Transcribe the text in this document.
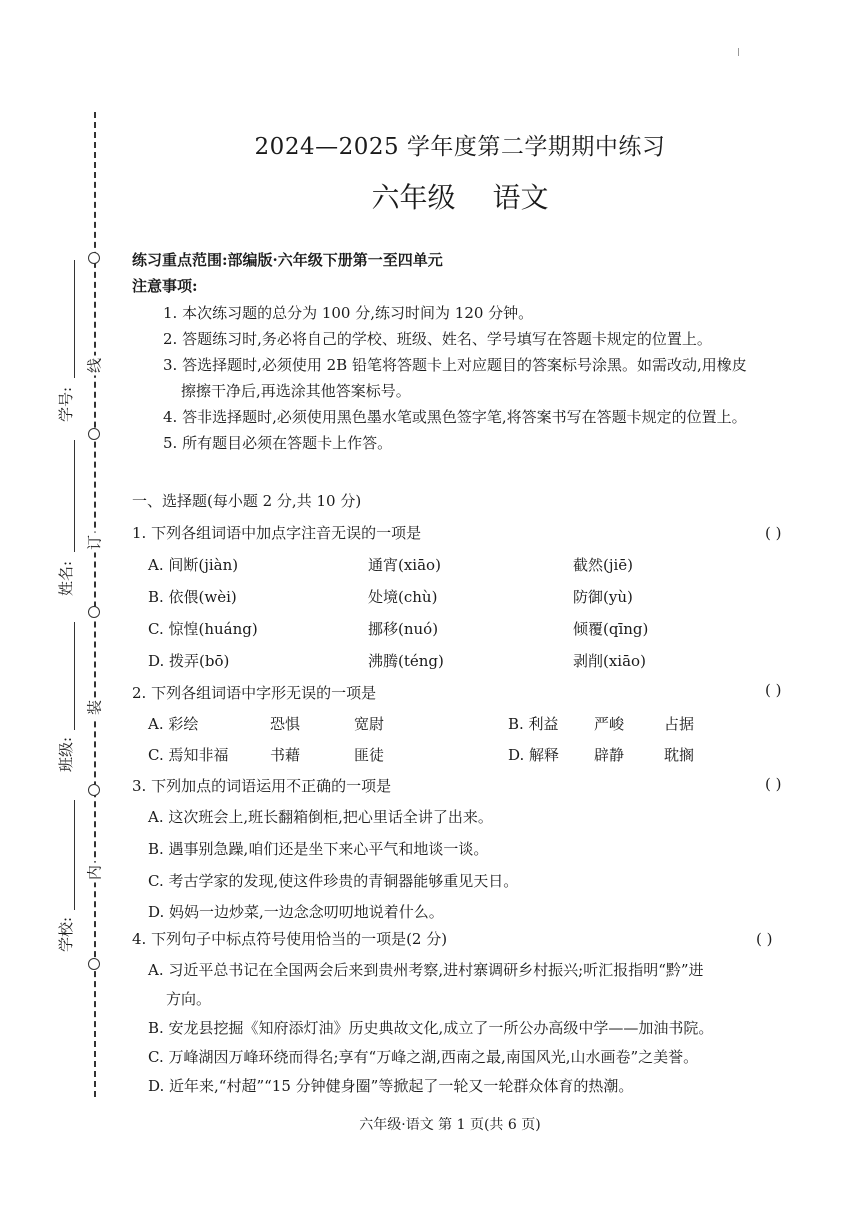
线
订
装
内
学号:
姓名:
班级:
学校:
2024—2025 学年度第二学期期中练习
六年级 语文
练习重点范围:部编版·六年级下册第一至四单元
注意事项:
1. 本次练习题的总分为 100 分,练习时间为 120 分钟。
2. 答题练习时,务必将自己的学校、班级、姓名、学号填写在答题卡规定的位置上。
3. 答选择题时,必须使用 2B 铅笔将答题卡上对应题目的答案标号涂黑。如需改动,用橡皮
擦擦干净后,再选涂其他答案标号。
4. 答非选择题时,必须使用黑色墨水笔或黑色签字笔,将答案书写在答题卡规定的位置上。
5. 所有题目必须在答题卡上作答。
一、选择题(每小题 2 分,共 10 分)
1. 下列各组词语中加点字注音无误的一项是	( )
A. 间断(jiàn)	通宵(xiāo)	截然(jiē)
B. 依偎(wèi)	处境(chù)	防御(yù)
C. 惊惶(huáng)	挪移(nuó)	倾覆(qīng)
D. 拨弄(bō)	沸腾(téng)	剥削(xiāo)
2. 下列各组词语中字形无误的一项是	( )
A. 彩绘	恐惧	宽尉	B. 利益 严峻	占据
C. 焉知非福	书藉	匪徒	D. 解释 辟静	耽搁
3. 下列加点的词语运用不正确的一项是	( )
A. 这次班会上,班长翻箱倒柜,把心里话全讲了出来。
B. 遇事别急躁,咱们还是坐下来心平气和地谈一谈。
C. 考古学家的发现,使这件珍贵的青铜器能够重见天日。
D. 妈妈一边炒菜,一边念念叨叨地说着什么。
4. 下列句子中标点符号使用恰当的一项是(2 分)	( )
A. 习近平总书记在全国两会后来到贵州考察,进村寨调研乡村振兴;听汇报指明“黔”进
方向。
B. 安龙县挖掘《知府添灯油》历史典故文化,成立了一所公办高级中学——加油书院。
C. 万峰湖因万峰环绕而得名;享有“万峰之湖,西南之最,南国风光,山水画卷”之美誉。
D. 近年来,“村超”“15 分钟健身圈”等掀起了一轮又一轮群众体育的热潮。
六年级·语文 第 1 页(共 6 页)
